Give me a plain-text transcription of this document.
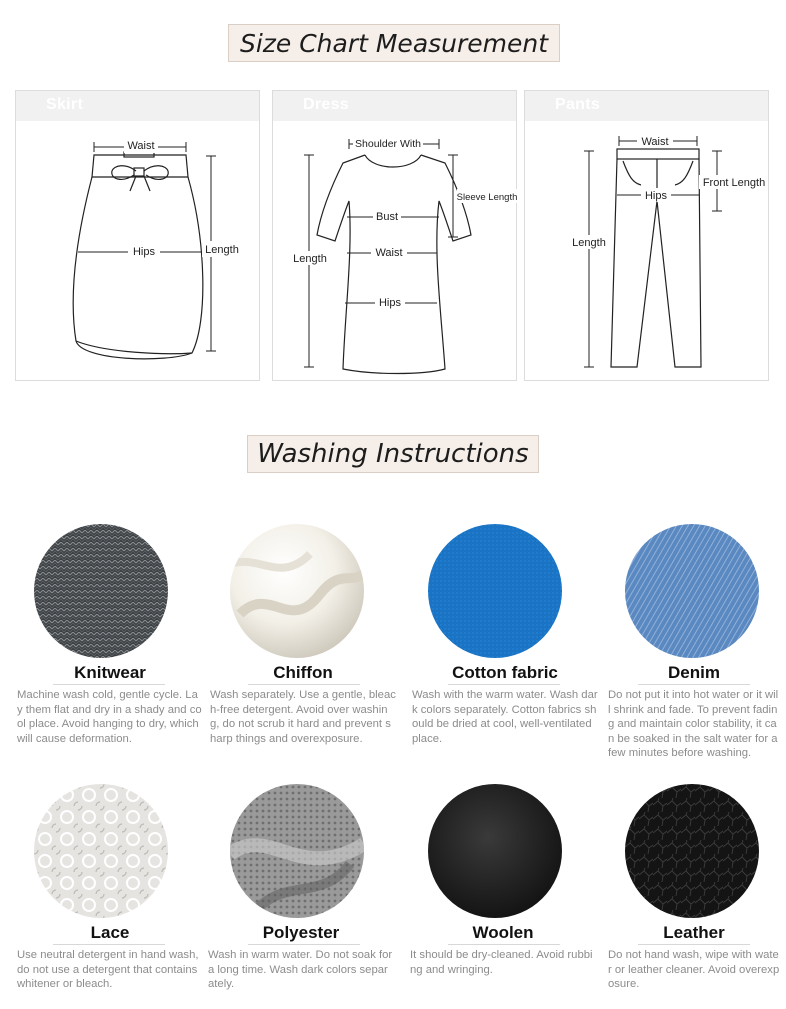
Size Chart Measurement
Skirt
Waist
Hips	Length
Dress
Shoulder With
Bust
Waist
Hips
Length
Sleeve Length
Pants
Waist
Hips
Front Length
Length
Washing Instructions
Knitwear
Machine wash cold, gentle cycle. Lay them flat and dry in a shady and cool place. Avoid hanging to dry, which will cause deformation.
Chiffon
Wash separately. Use a gentle, bleach-free detergent. Avoid over washing, do not scrub it hard and prevent sharp things and overexposure.
Cotton fabric
Wash with the warm water. Wash dark colors separately. Cotton fabrics should be dried at cool, well-ventilated place.
Denim
Do not put it into hot water or it will shrink and fade. To prevent fading and maintain color stability, it can be soaked in the salt water for a few minutes before washing.
Lace
Use neutral detergent in hand wash, do not use a detergent that contains whitener or bleach.
Polyester
Wash in warm water. Do not soak for a long time. Wash dark colors separately.
Woolen
It should be dry-cleaned. Avoid rubbing and wringing.
Leather
Do not hand wash, wipe with water or leather cleaner. Avoid overexposure.
